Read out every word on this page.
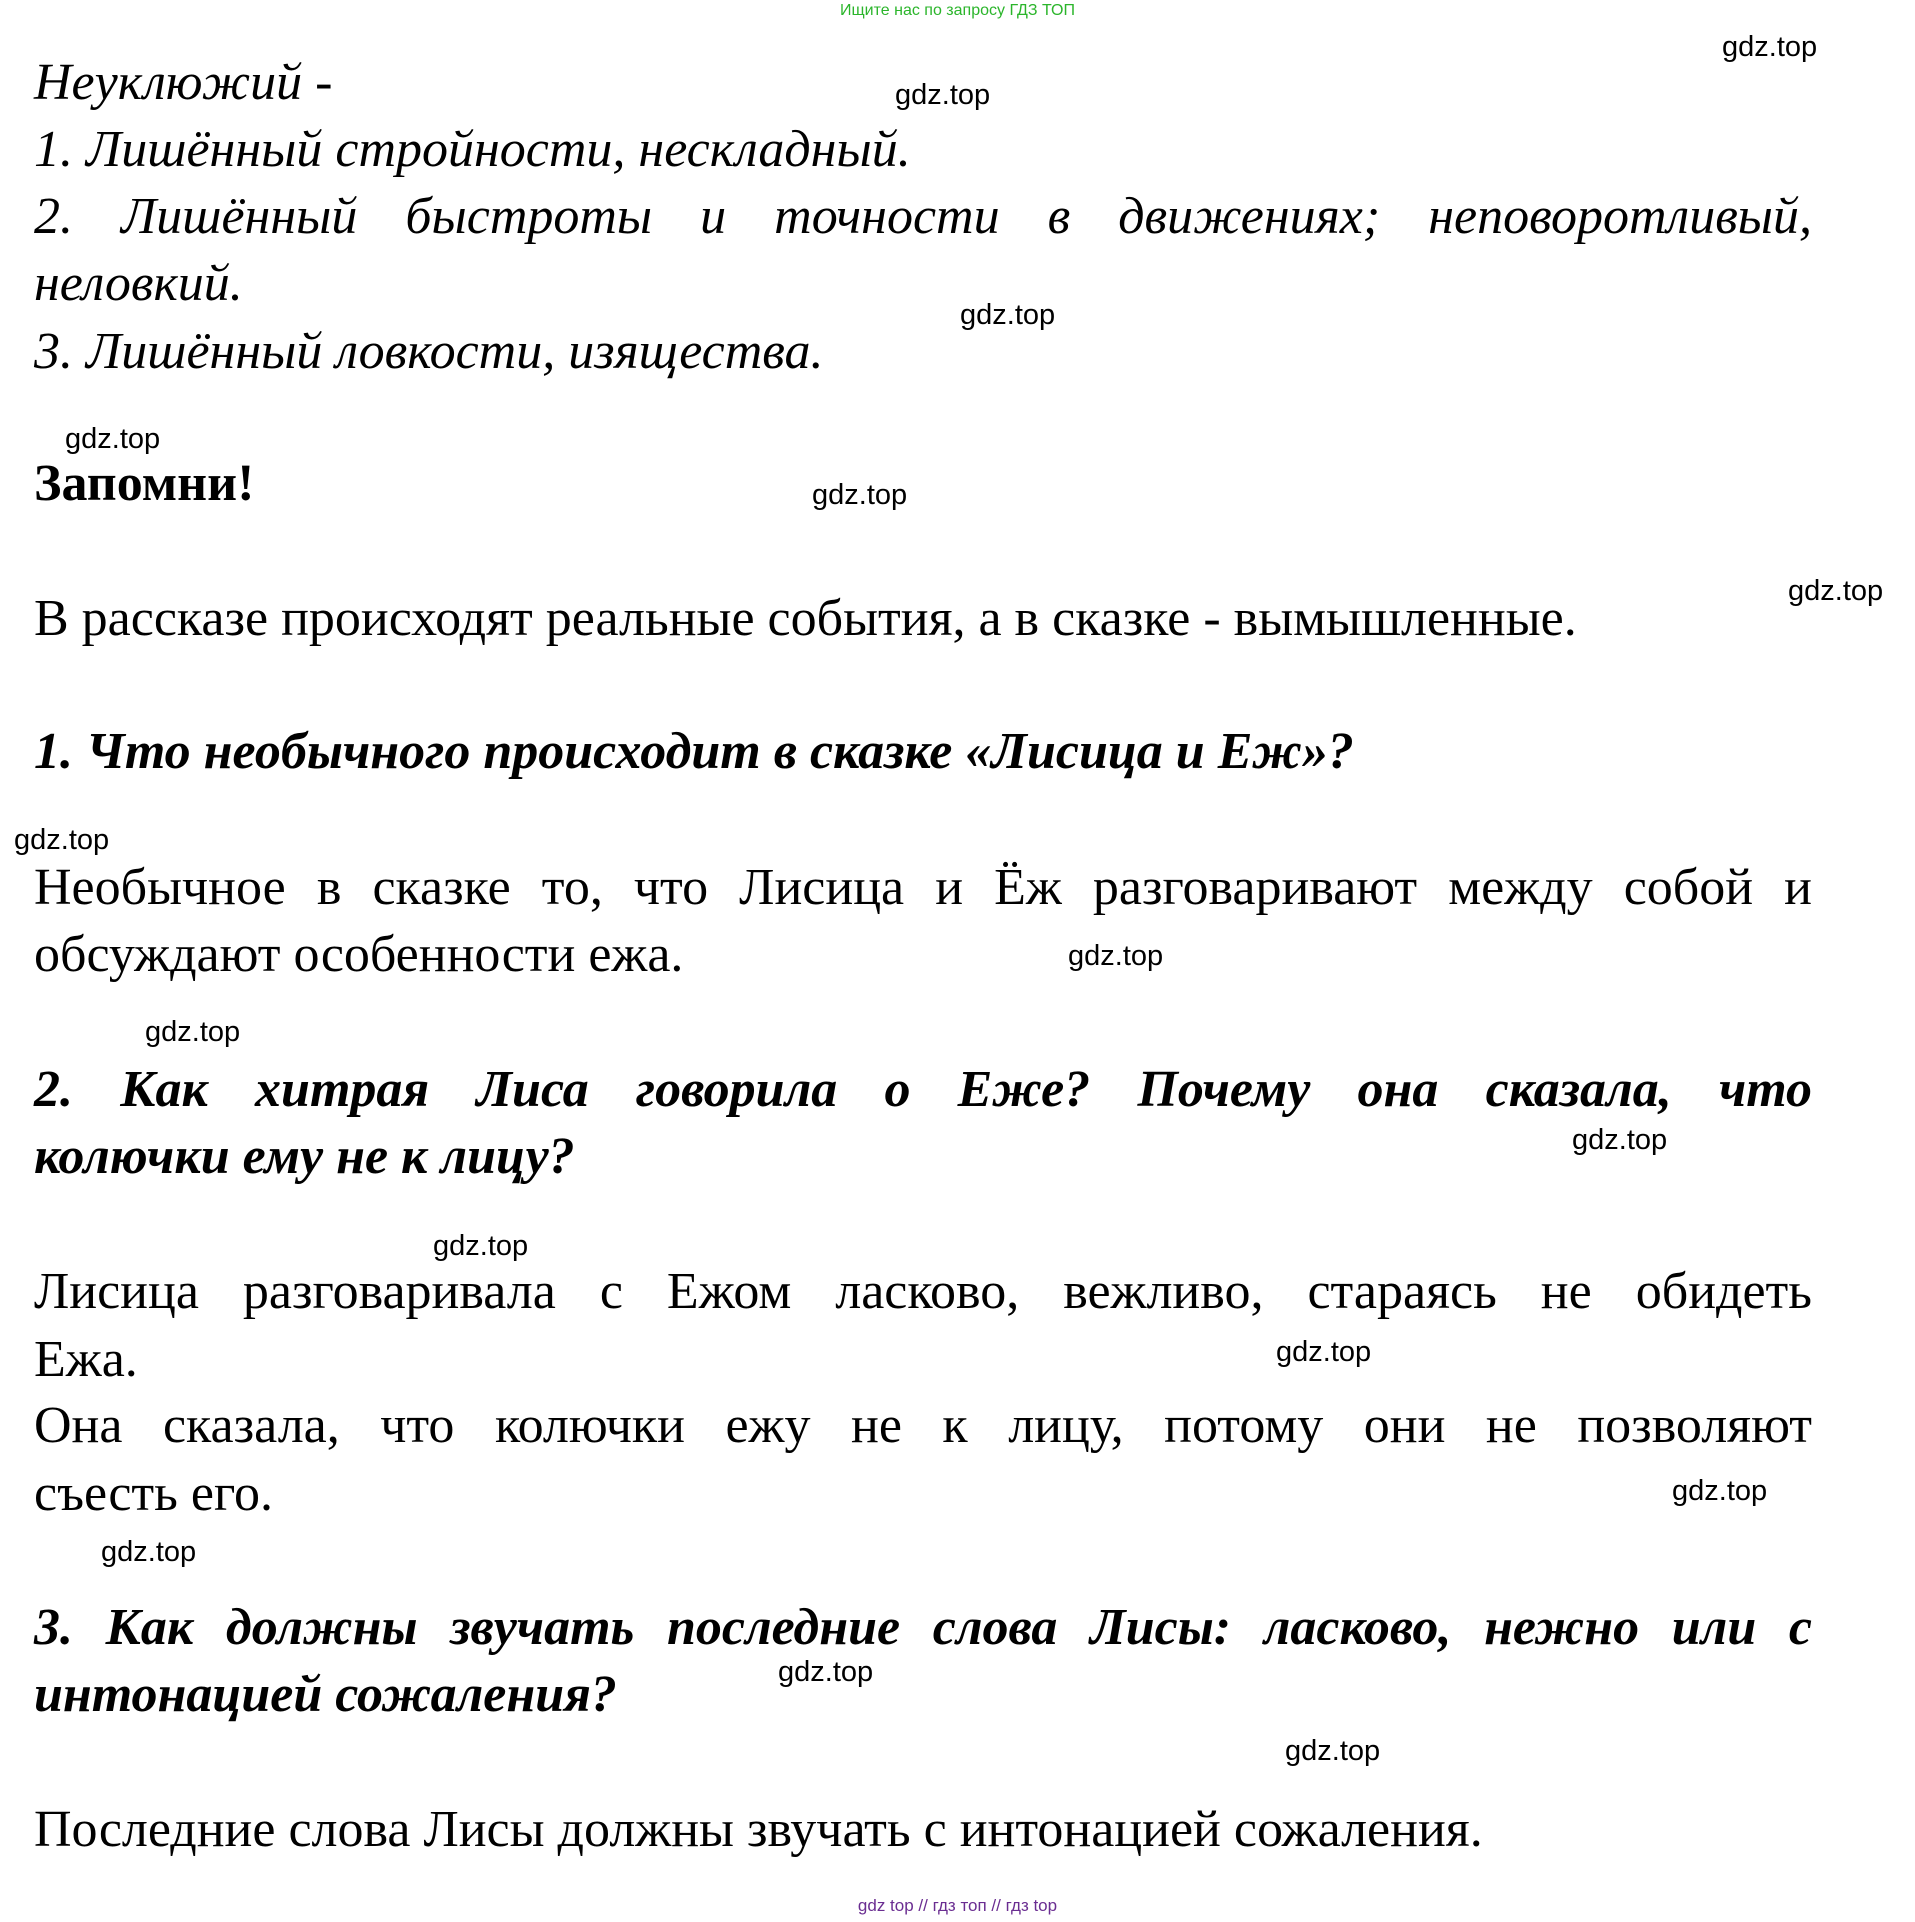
Ищите нас по запросу ГДЗ ТОП
Неуклюжий -
1. Лишённый стройности, нескладный.
2. Лишённый быстроты и точности в движениях; неповоротливый,
неловкий.
3. Лишённый ловкости, изящества.
Запомни!
В рассказе происходят реальные события, а в сказке - вымышленные.
1. Что необычного происходит в сказке «Лисица и Еж»?
Необычное в сказке то, что Лисица и Ёж разговаривают между собой и
обсуждают особенности ежа.
2. Как хитрая Лиса говорила о Еже? Почему она сказала, что
колючки ему не к лицу?
Лисица разговаривала с Ежом ласково, вежливо, стараясь не обидеть
Ежа.
Она сказала, что колючки ежу не к лицу, потому они не позволяют
съесть его.
3. Как должны звучать последние слова Лисы: ласково, нежно или с
интонацией сожаления?
Последние слова Лисы должны звучать с интонацией сожаления.
gdz.top
gdz.top
gdz.top
gdz.top
gdz.top
gdz.top
gdz.top
gdz.top
gdz.top
gdz.top
gdz.top
gdz.top
gdz.top
gdz.top
gdz.top
gdz.top
gdz top // гдз топ // гдз top
